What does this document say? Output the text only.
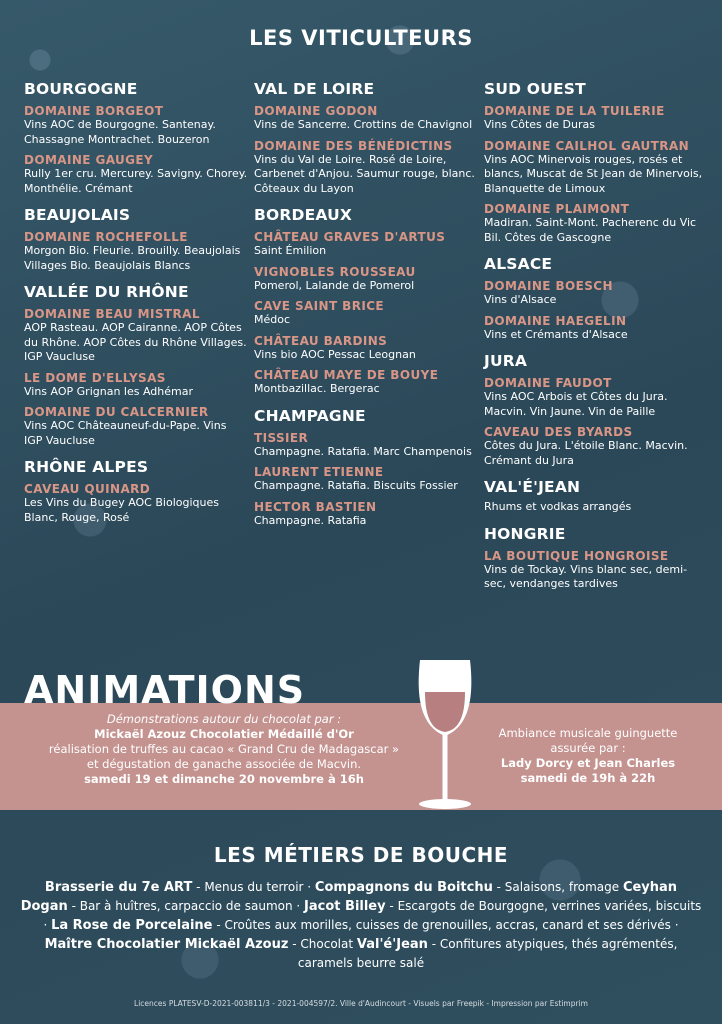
LES VITICULTEURS
BOURGOGNE
DOMAINE BORGEOT
Vins AOC de Bourgogne. Santenay. Chassagne Montrachet. Bouzeron
DOMAINE GAUGEY
Rully 1er cru. Mercurey. Savigny. Chorey. Monthélie. Crémant
BEAUJOLAIS
DOMAINE ROCHEFOLLE
Morgon Bio. Fleurie. Brouilly. Beaujolais Villages Bio. Beaujolais Blancs
VALLÉE DU RHÔNE
DOMAINE BEAU MISTRAL
AOP Rasteau. AOP Cairanne. AOP Côtes du Rhône. AOP Côtes du Rhône Villages. IGP Vaucluse
LE DOME D'ELLYSAS
Vins AOP Grignan les Adhémar
DOMAINE DU CALCERNIER
Vins AOC Châteauneuf-du-Pape. Vins IGP Vaucluse
RHÔNE ALPES
CAVEAU QUINARD
Les Vins du Bugey AOC Biologiques Blanc, Rouge, Rosé
VAL DE LOIRE
DOMAINE GODON
Vins de Sancerre. Crottins de Chavignol
DOMAINE DES BÉNÉDICTINS
Vins du Val de Loire. Rosé de Loire, Carbenet d'Anjou. Saumur rouge, blanc. Côteaux du Layon
BORDEAUX
CHÂTEAU GRAVES D'ARTUS
Saint Émilion
VIGNOBLES ROUSSEAU
Pomerol, Lalande de Pomerol
CAVE SAINT BRICE
Médoc
CHÂTEAU BARDINS
Vins bio AOC Pessac Leognan
CHÂTEAU MAYE DE BOUYE
Montbazillac. Bergerac
CHAMPAGNE
TISSIER
Champagne. Ratafia. Marc Champenois
LAURENT ETIENNE
Champagne. Ratafia. Biscuits Fossier
HECTOR BASTIEN
Champagne. Ratafia
SUD OUEST
DOMAINE DE LA TUILERIE
Vins Côtes de Duras
DOMAINE CAILHOL GAUTRAN
Vins AOC Minervois rouges, rosés et blancs, Muscat de St Jean de Minervois, Blanquette de Limoux
DOMAINE PLAIMONT
Madiran. Saint-Mont. Pacherenc du Vic Bil. Côtes de Gascogne
ALSACE
DOMAINE BOESCH
Vins d'Alsace
DOMAINE HAEGELIN
Vins et Crémants d'Alsace
JURA
DOMAINE FAUDOT
Vins AOC Arbois et Côtes du Jura. Macvin. Vin Jaune. Vin de Paille
CAVEAU DES BYARDS
Côtes du Jura. L'étoile Blanc. Macvin. Crémant du Jura
VAL'É'JEAN
Rhums et vodkas arrangés
HONGRIE
LA BOUTIQUE HONGROISE
Vins de Tockay. Vins blanc sec, demi-sec, vendanges tardives
ANIMATIONS
Démonstrations autour du chocolat par :
Mickaël Azouz Chocolatier Médaillé d'Or
réalisation de truffes au cacao « Grand Cru de Madagascar »
et dégustation de ganache associée de Macvin.
samedi 19 et dimanche 20 novembre à 16h
Ambiance musicale guinguette
assurée par :
Lady Dorcy et Jean Charles
samedi de 19h à 22h
LES MÉTIERS DE BOUCHE
Brasserie du 7e ART - Menus du terroir · Compagnons du Boitchu - Salaisons, fromage Ceyhan Dogan - Bar à huîtres, carpaccio de saumon · Jacot Billey - Escargots de Bourgogne, verrines variées, biscuits · La Rose de Porcelaine - Croûtes aux morilles, cuisses de grenouilles, accras, canard et ses dérivés · Maître Chocolatier Mickaël Azouz - Chocolat Val'é'Jean - Confitures atypiques, thés agrémentés, caramels beurre salé
Licences PLATESV-D-2021-003811/3 - 2021-004597/2. Ville d'Audincourt - Visuels par Freepik - Impression par Estimprim
